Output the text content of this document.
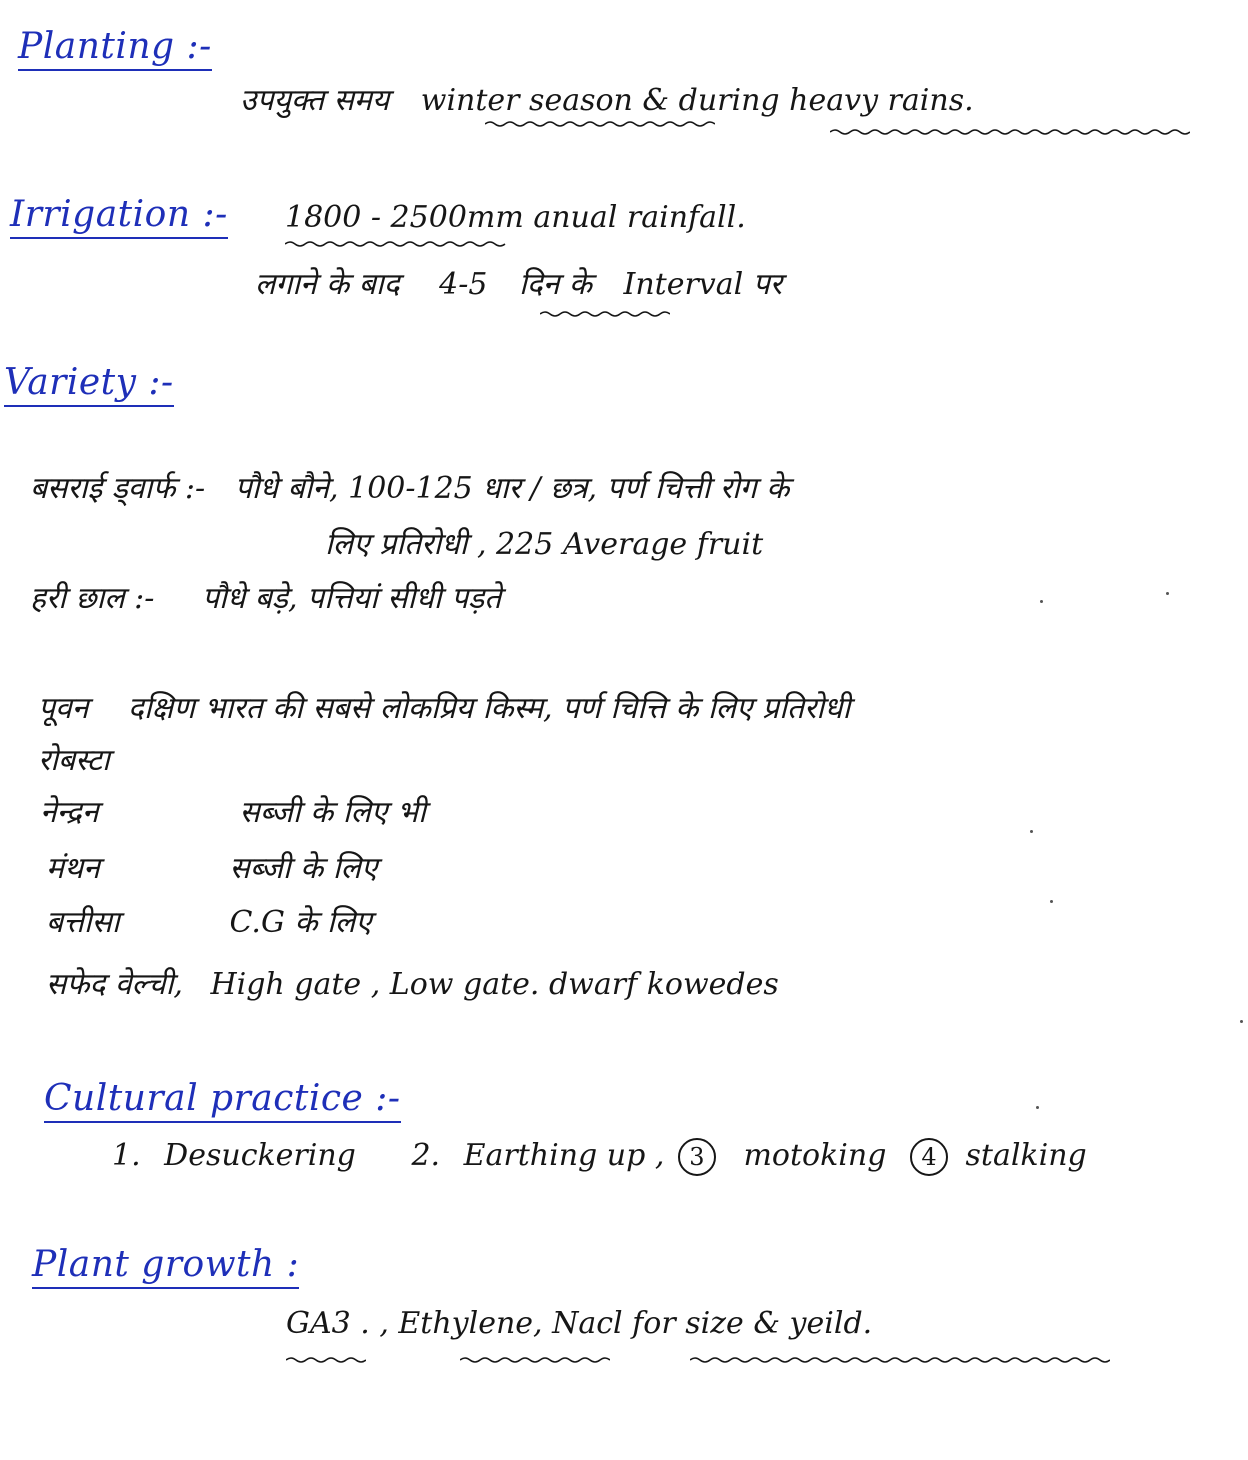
Planting :-
उपयुक्त समय winter season & during heavy rains.
Irrigation :- 1800 - 2500mm anual rainfall.
लगाने के बाद 4-5 दिन के Interval पर
Variety :-
बसराई ड्वार्फ :- पौधे बौने, 100-125 धार / छत्र, पर्ण चित्ती रोग के
लिए प्रतिरोधी , 225 Average fruit
हरी छाल :- पौधे बड़े, पत्तियां सीधी पड़ते
पूवन दक्षिण भारत की सबसे लोकप्रिय किस्म, पर्ण चित्ति के लिए प्रतिरोधी
रोबस्टा
नेन्द्रन	सब्जी के लिए भी
मंथन	सब्जी के लिए
बत्तीसा	C.G के लिए
सफेद वेल्ची, High gate , Low gate. dwarf kowedes
Cultural practice :-
1. Desuckering 2. Earthing up , 3 motoking 4 stalking
Plant growth :
GA3 . , Ethylene, Nacl for size & yeild.
